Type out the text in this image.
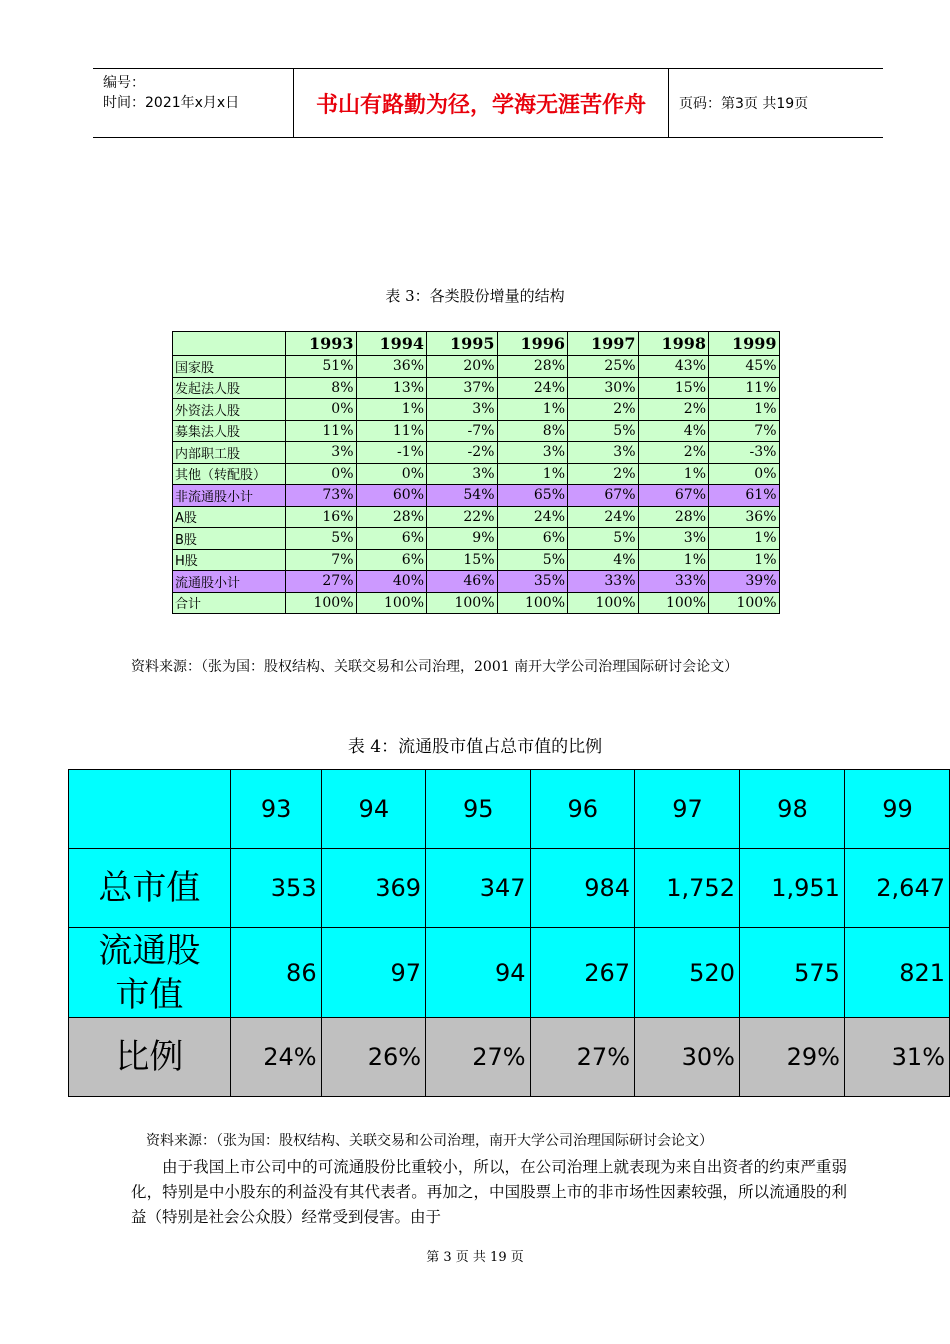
编号：
时间：2021年x月x日	书山有路勤为径，学海无涯苦作舟	页码：第3页 共19页
表 3：各类股份增量的结构
	1993	1994	1995	1996	1997	1998	1999
国家股	51%	36%	20%	28%	25%	43%	45%
发起法人股	8%	13%	37%	24%	30%	15%	11%
外资法人股	0%	1%	3%	1%	2%	2%	1%
募集法人股	11%	11%	-7%	8%	5%	4%	7%
内部职工股	3%	-1%	-2%	3%	3%	2%	-3%
其他（转配股）	0%	0%	3%	1%	2%	1%	0%
非流通股小计	73%	60%	54%	65%	67%	67%	61%
A股	16%	28%	22%	24%	24%	28%	36%
B股	5%	6%	9%	6%	5%	3%	1%
H股	7%	6%	15%	5%	4%	1%	1%
流通股小计	27%	40%	46%	35%	33%	33%	39%
合计	100%	100%	100%	100%	100%	100%	100%
资料来源：（张为国：股权结构、关联交易和公司治理，2001 南开大学公司治理国际研讨会论文）
表 4：流通股市值占总市值的比例
	93	94	95	96	97	98	99
总市值	353	369	347	984	1,752	1,951	2,647
流通股市值	86	97	94	267	520	575	821
比例	24%	26%	27%	27%	30%	29%	31%
资料来源：（张为国：股权结构、关联交易和公司治理，南开大学公司治理国际研讨会论文）

由于我国上市公司中的可流通股份比重较小，所以，在公司治理上就表现为来自出资者的约束严重弱化，特别是中小股东的利益没有其代表者。再加之，中国股票上市的非市场性因素较强，所以流通股的利益（特别是社会公众股）经常受到侵害。由于

第 3 页 共 19 页
